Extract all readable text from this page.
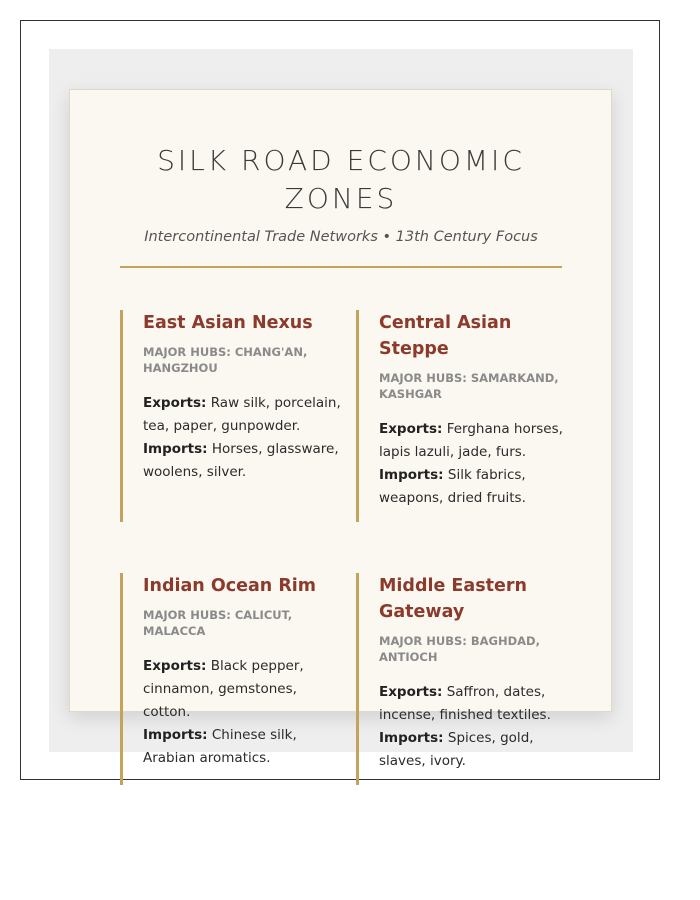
SILK ROAD ECONOMIC ZONES
Intercontinental Trade Networks • 13th Century Focus
East Asian Nexus
MAJOR HUBS: CHANG'AN, HANGZHOU
Exports: Raw silk, porcelain, tea, paper, gunpowder.
Imports: Horses, glassware, woolens, silver.
Central Asian Steppe
MAJOR HUBS: SAMARKAND, KASHGAR
Exports: Ferghana horses, lapis lazuli, jade, furs.
Imports: Silk fabrics, weapons, dried fruits.
Indian Ocean Rim
MAJOR HUBS: CALICUT, MALACCA
Exports: Black pepper, cinnamon, gemstones, cotton.
Imports: Chinese silk, Arabian aromatics.
Middle Eastern Gateway
MAJOR HUBS: BAGHDAD, ANTIOCH
Exports: Saffron, dates, incense, finished textiles.
Imports: Spices, gold, slaves, ivory.
